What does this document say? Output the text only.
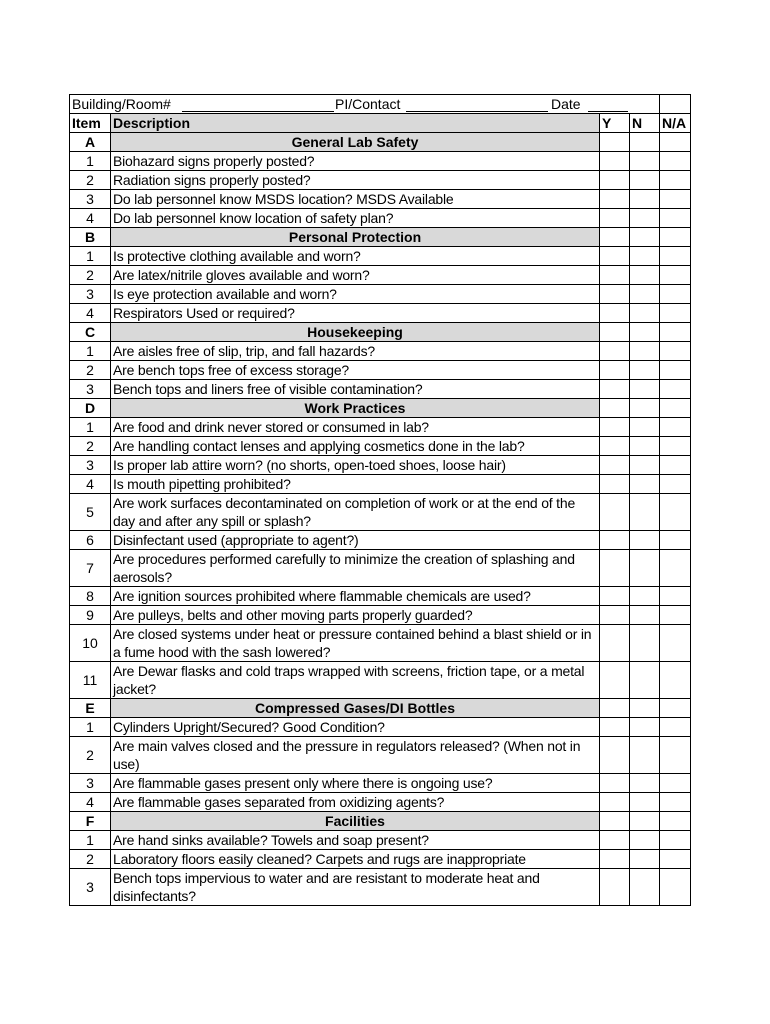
Building/Room# PI/Contact Date				

Item	Description	Y	N	N/A
A	General Lab Safety			
1	Biohazard signs properly posted?			
2	Radiation signs properly posted?			
3	Do lab personnel know MSDS location? MSDS Available			
4	Do lab personnel know location of safety plan?			
B	Personal Protection			
1	Is protective clothing available and worn?			
2	Are latex/nitrile gloves available and worn?			
3	Is eye protection available and worn?			
4	Respirators Used or required?			
C	Housekeeping			
1	Are aisles free of slip, trip, and fall hazards?			
2	Are bench tops free of excess storage?			
3	Bench tops and liners free of visible contamination?			
D	Work Practices			
1	Are food and drink never stored or consumed in lab?			
2	Are handling contact lenses and applying cosmetics done in the lab?			
3	Is proper lab attire worn? (no shorts, open-toed shoes, loose hair)			
4	Is mouth pipetting prohibited?			
5	Are work surfaces decontaminated on completion of work or at the end of the day and after any spill or splash?			
6	Disinfectant used (appropriate to agent?)			
7	Are procedures performed carefully to minimize the creation of splashing and aerosols?			
8	Are ignition sources prohibited where flammable chemicals are used?			
9	Are pulleys, belts and other moving parts properly guarded?			
10	Are closed systems under heat or pressure contained behind a blast shield or in a fume hood with the sash lowered?			
11	Are Dewar flasks and cold traps wrapped with screens, friction tape, or a metal jacket?			
E	Compressed Gases/DI Bottles			
1	Cylinders Upright/Secured? Good Condition?			
2	Are main valves closed and the pressure in regulators released? (When not in use)			
3	Are flammable gases present only where there is ongoing use?			
4	Are flammable gases separated from oxidizing agents?			
F	Facilities			
1	Are hand sinks available? Towels and soap present?			
2	Laboratory floors easily cleaned? Carpets and rugs are inappropriate			
3	Bench tops impervious to water and are resistant to moderate heat and disinfectants?			
